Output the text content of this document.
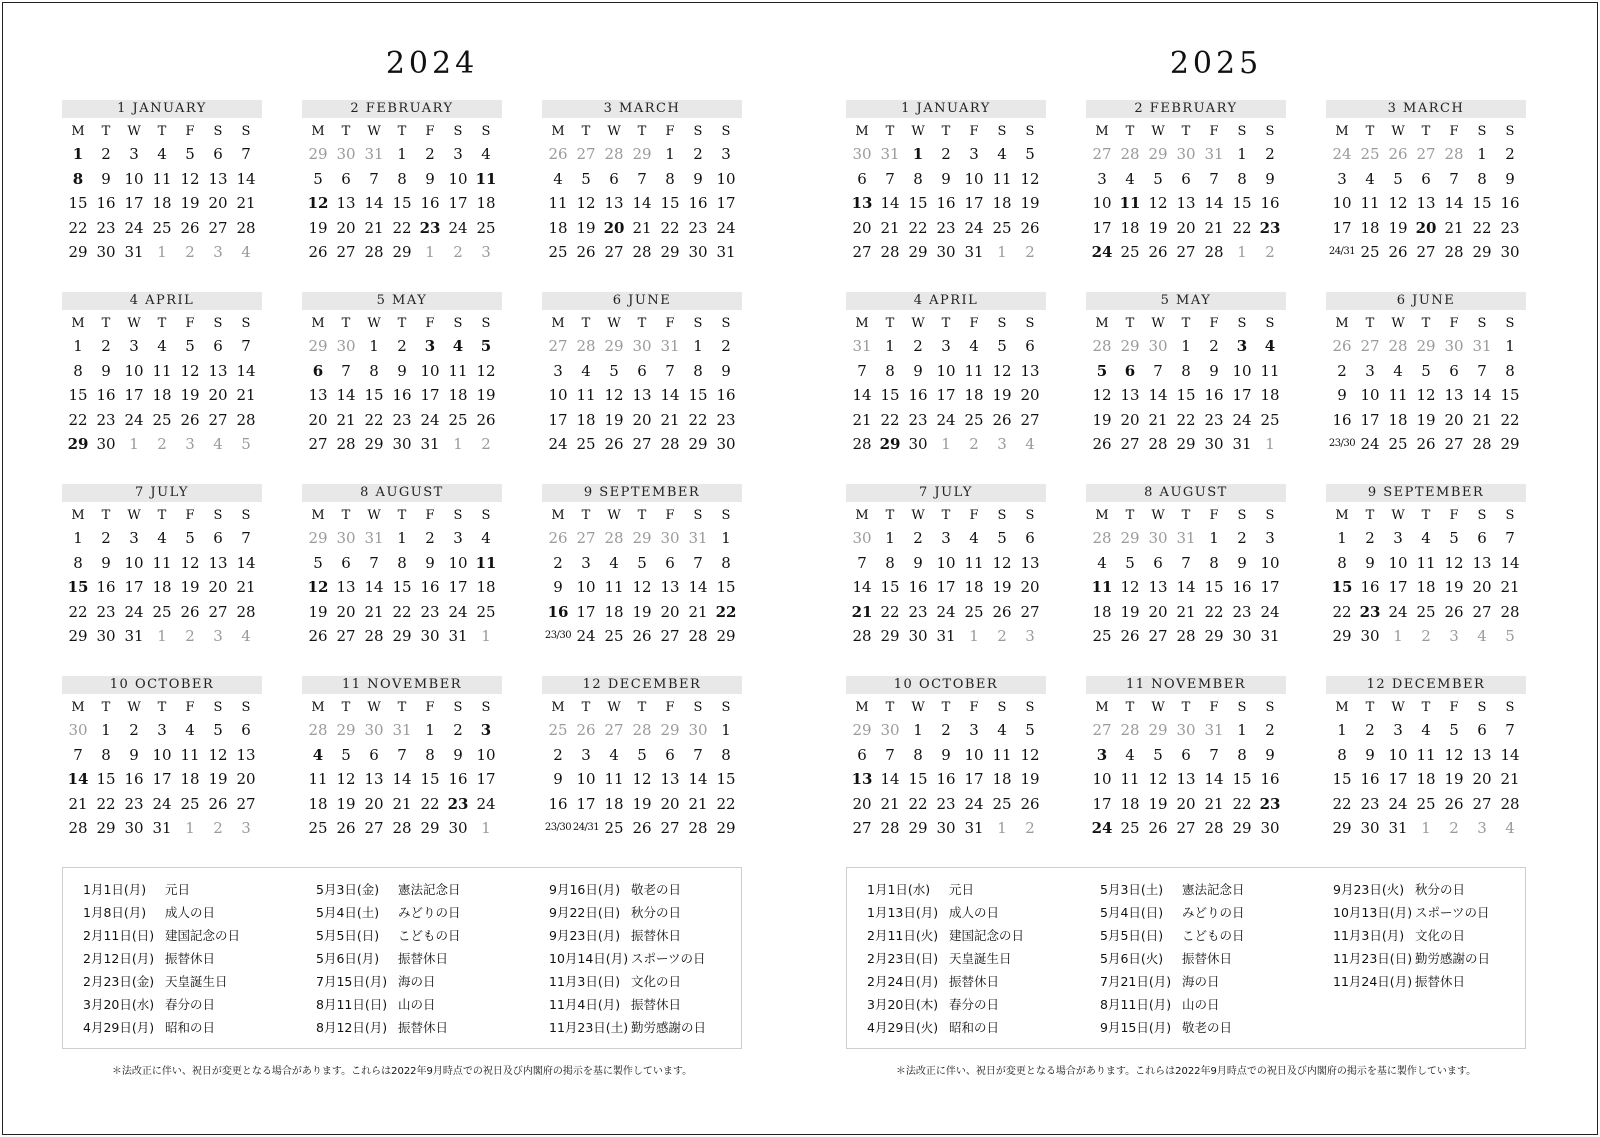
2024
1 JANUARY
M	T	W	T	F	S	S
1	2	3	4	5	6	7
8	9 10 11 12 13 14
15 16 17 18 19 20 21
22 23 24 25 26 27 28
29 30 31 1	2	3	4
2 FEBRUARY
M	T	W	T	F	S	S
29 30 31 1	2	3	4
5	6	7	8	9 10 11
12 13 14 15 16 17 18
19 20 21 22 23 24 25
26 27 28 29 1	2	3
3 MARCH
M	T	W	T	F	S	S
26 27 28 29 1	2	3
4	5	6	7	8	9 10
11 12 13 14 15 16 17
18 19 20 21 22 23 24
25 26 27 28 29 30 31
4 APRIL
M	T	W	T	F	S	S
1	2	3	4	5	6	7
8	9 10 11 12 13 14
15 16 17 18 19 20 21
22 23 24 25 26 27 28
29 30 1	2	3	4	5
5 MAY
M	T	W	T	F	S	S
29 30 1	2	3	4	5
6	7	8	9 10 11 12
13 14 15 16 17 18 19
20 21 22 23 24 25 26
27 28 29 30 31 1	2
6 JUNE
M	T	W	T	F	S	S
27 28 29 30 31 1	2
3	4	5	6	7	8	9
10 11 12 13 14 15 16
17 18 19 20 21 22 23
24 25 26 27 28 29 30
7 JULY
M	T	W	T	F	S	S
1	2	3	4	5	6	7
8	9 10 11 12 13 14
15 16 17 18 19 20 21
22 23 24 25 26 27 28
29 30 31 1	2	3	4
8 AUGUST
M	T	W	T	F	S	S
29 30 31 1	2	3	4
5	6	7	8	9 10 11
12 13 14 15 16 17 18
19 20 21 22 23 24 25
26 27 28 29 30 31 1
9 SEPTEMBER
M	T	W	T	F	S	S
26 27 28 29 30 31 1
2	3	4	5	6	7	8
9 10 11 12 13 14 15
16 17 18 19 20 21 22
23/30 24 25 26 27 28 29
10 OCTOBER
M	T	W	T	F	S	S
30 1	2	3	4	5	6
7	8	9 10 11 12 13
14 15 16 17 18 19 20
21 22 23 24 25 26 27
28 29 30 31 1	2	3
11 NOVEMBER
M	T	W	T	F	S	S
28 29 30 31 1	2	3
4	5	6	7	8	9 10
11 12 13 14 15 16 17
18 19 20 21 22 23 24
25 26 27 28 29 30 1
12 DECEMBER
M	T	W	T	F	S	S
25 26 27 28 29 30 1
2	3	4	5	6	7	8
9 10 11 12 13 14 15
16 17 18 19 20 21 22
23/30 24/31 25 26 27 28 29
1月1日(月) 元日
1月8日(月) 成人の日
2月11日(日) 建国記念の日
2月12日(月) 振替休日
2月23日(金) 天皇誕生日
3月20日(水) 春分の日
4月29日(月) 昭和の日
5月3日(金) 憲法記念日
5月4日(土) みどりの日
5月5日(日) こどもの日
5月6日(月) 振替休日
7月15日(月) 海の日
8月11日(日) 山の日
8月12日(月) 振替休日
9月16日(月) 敬老の日
9月22日(日) 秋分の日
9月23日(月) 振替休日
10月14日(月) スポーツの日
11月3日(日) 文化の日
11月4日(月) 振替休日
11月23日(土) 勤労感謝の日
＊法改正に伴い、祝日が変更となる場合があります。これらは2022年9月時点での祝日及び内閣府の掲示を基に製作しています。
2025
1 JANUARY
M	T	W	T	F	S	S
30 31 1	2	3	4	5
6	7	8	9 10 11 12
13 14 15 16 17 18 19
20 21 22 23 24 25 26
27 28 29 30 31 1	2
2 FEBRUARY
M	T	W	T	F	S	S
27 28 29 30 31 1	2
3	4	5	6	7	8	9
10 11 12 13 14 15 16
17 18 19 20 21 22 23
24 25 26 27 28 1	2
3 MARCH
M	T	W	T	F	S	S
24 25 26 27 28 1	2
3	4	5	6	7	8	9
10 11 12 13 14 15 16
17 18 19 20 21 22 23
24/31 25 26 27 28 29 30
4 APRIL
M	T	W	T	F	S	S
31 1	2	3	4	5	6
7	8	9 10 11 12 13
14 15 16 17 18 19 20
21 22 23 24 25 26 27
28 29 30 1	2	3	4
5 MAY
M	T	W	T	F	S	S
28 29 30 1	2	3	4
5	6	7	8	9 10 11
12 13 14 15 16 17 18
19 20 21 22 23 24 25
26 27 28 29 30 31 1
6 JUNE
M	T	W	T	F	S	S
26 27 28 29 30 31 1
2	3	4	5	6	7	8
9 10 11 12 13 14 15
16 17 18 19 20 21 22
23/30 24 25 26 27 28 29
7 JULY
M	T	W	T	F	S	S
30 1	2	3	4	5	6
7	8	9 10 11 12 13
14 15 16 17 18 19 20
21 22 23 24 25 26 27
28 29 30 31 1	2	3
8 AUGUST
M	T	W	T	F	S	S
28 29 30 31 1	2	3
4	5	6	7	8	9 10
11 12 13 14 15 16 17
18 19 20 21 22 23 24
25 26 27 28 29 30 31
9 SEPTEMBER
M	T	W	T	F	S	S
1	2	3	4	5	6	7
8	9 10 11 12 13 14
15 16 17 18 19 20 21
22 23 24 25 26 27 28
29 30 1	2	3	4	5
10 OCTOBER
M	T	W	T	F	S	S
29 30 1	2	3	4	5
6	7	8	9 10 11 12
13 14 15 16 17 18 19
20 21 22 23 24 25 26
27 28 29 30 31 1	2
11 NOVEMBER
M	T	W	T	F	S	S
27 28 29 30 31 1	2
3	4	5	6	7	8	9
10 11 12 13 14 15 16
17 18 19 20 21 22 23
24 25 26 27 28 29 30
12 DECEMBER
M	T	W	T	F	S	S
1	2	3	4	5	6	7
8	9 10 11 12 13 14
15 16 17 18 19 20 21
22 23 24 25 26 27 28
29 30 31 1	2	3	4
1月1日(水) 元日
1月13日(月) 成人の日
2月11日(火) 建国記念の日
2月23日(日) 天皇誕生日
2月24日(月) 振替休日
3月20日(木) 春分の日
4月29日(火) 昭和の日
5月3日(土) 憲法記念日
5月4日(日) みどりの日
5月5日(日) こどもの日
5月6日(火) 振替休日
7月21日(月) 海の日
8月11日(月) 山の日
9月15日(月) 敬老の日
9月23日(火) 秋分の日
10月13日(月) スポーツの日
11月3日(月) 文化の日
11月23日(日) 勤労感謝の日
11月24日(月) 振替休日
＊法改正に伴い、祝日が変更となる場合があります。これらは2022年9月時点での祝日及び内閣府の掲示を基に製作しています。
